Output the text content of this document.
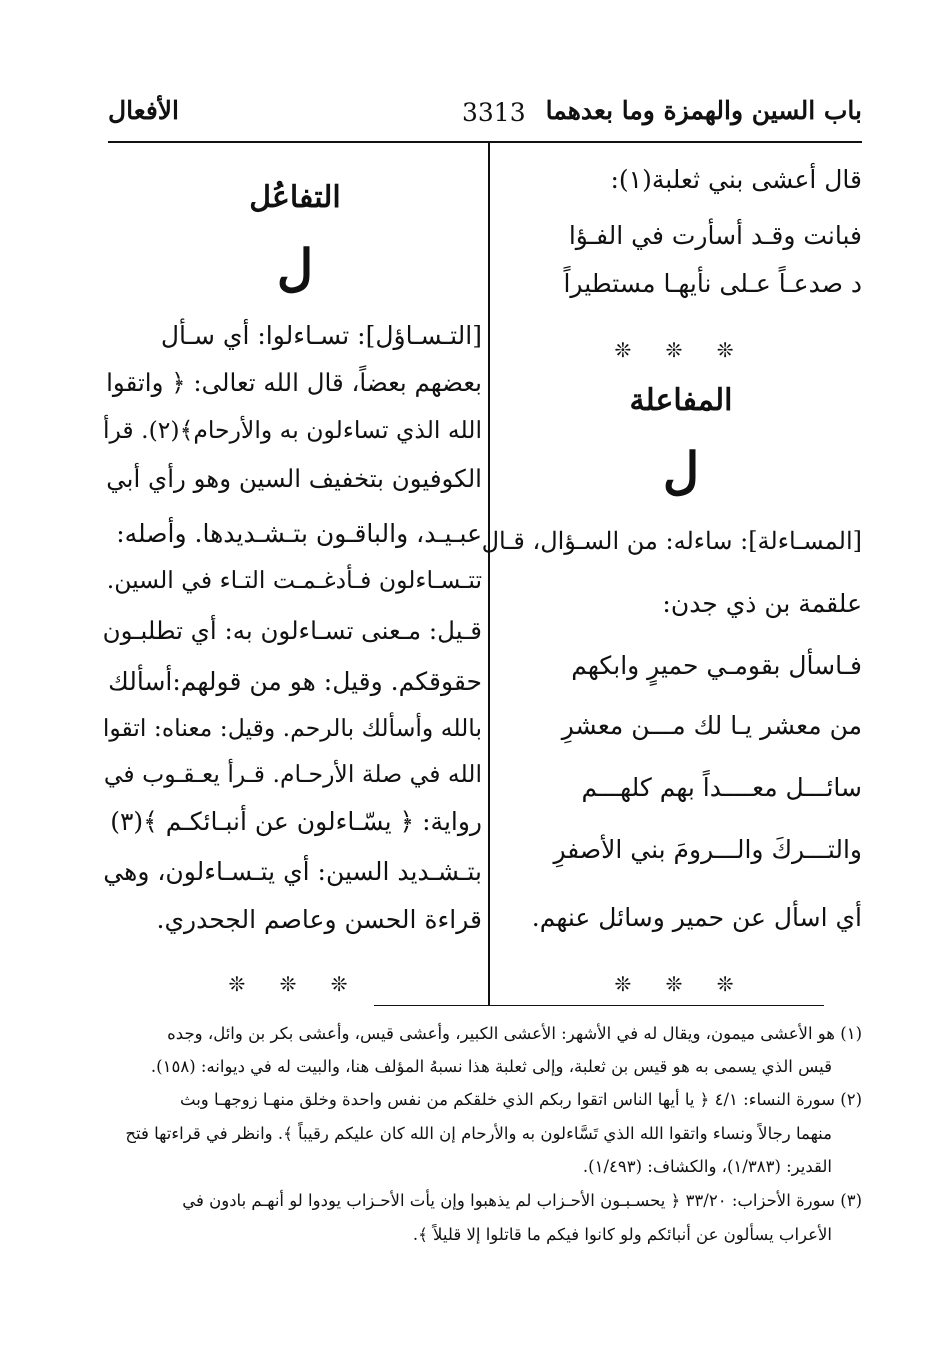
باب السين والهمزة وما بعدهما
3313
الأفعال
قال أعشى بني ثعلبة(١):
فبانت وقـد أسأرت في الفـؤا
د صدعـاً عـلى نأيهـا مستطيراً
❊ ❊ ❊
المفاعلة
ل
[المسـاءلة]: ساءله: من السـؤال، قـال
علقمة بن ذي جدن:
فـاسأل بقومـي حميرٍ وابكهم
من معشر يـا لك مـــن معشرِ
سائـــل معــــداً بهم كلهـــم
والتـــركَ والـــرومَ بني الأصفرِ
أي اسأل عن حمير وسائل عنهم.
❊ ❊ ❊
التفاعُل
ل
[التـسـاؤل]: تسـاءلوا: أي سـأل
بعضهم بعضاً، قال الله تعالى: ﴿ واتقوا
الله الذي تساءلون به والأرحام﴾(٢). قرأ
الكوفيون بتخفيف السين وهو رأي أبي
عبـيـد، والباقـون بتـشـديدها. وأصله:
تتـسـاءلون فـأدغـمـت التـاء في السين.
قـيل: مـعنى تسـاءلون به: أي تطلبـون
حقوقكم. وقيل: هو من قولهم:أسألك
بالله وأسألك بالرحم. وقيل: معناه: اتقوا
الله في صلة الأرحـام. قـرأ يعـقـوب في
رواية: ﴿ يسّـاءلون عن أنبـائكـم ﴾(٣)
بتـشـديد السين: أي يتـسـاءلون، وهي
قراءة الحسن وعاصم الجحدري.
❊ ❊ ❊
(١) هو الأعشى ميمون، ويقال له في الأشهر: الأعشى الكبير، وأعشى قيس، وأعشى بكر بن وائل، وجده
قيس الذي يسمى به هو قيس بن ثعلبة، وإلى ثعلبة هذا نسبهُ المؤلف هنا، والبيت له في ديوانه: (١٥٨).
(٢) سورة النساء: ٤/١ ﴿ يا أيها الناس اتقوا ربكم الذي خلقكم من نفس واحدة وخلق منهـا زوجهـا وبث
منهما رجالاً ونساء واتقوا الله الذي تَسَّاءلون به والأرحام إن الله كان عليكم رقيباً ﴾. وانظر في قراءتها فتح
القدير: (١/٣٨٣)، والكشاف: (١/٤٩٣).
(٣) سورة الأحزاب: ٣٣/٢٠ ﴿ يحسـبـون الأحـزاب لم يذهبوا وإن يأت الأحـزاب يودوا لو أنهـم بادون في
الأعراب يسألون عن أنبائكم ولو كانوا فيكم ما قاتلوا إلا قليلاً ﴾.
